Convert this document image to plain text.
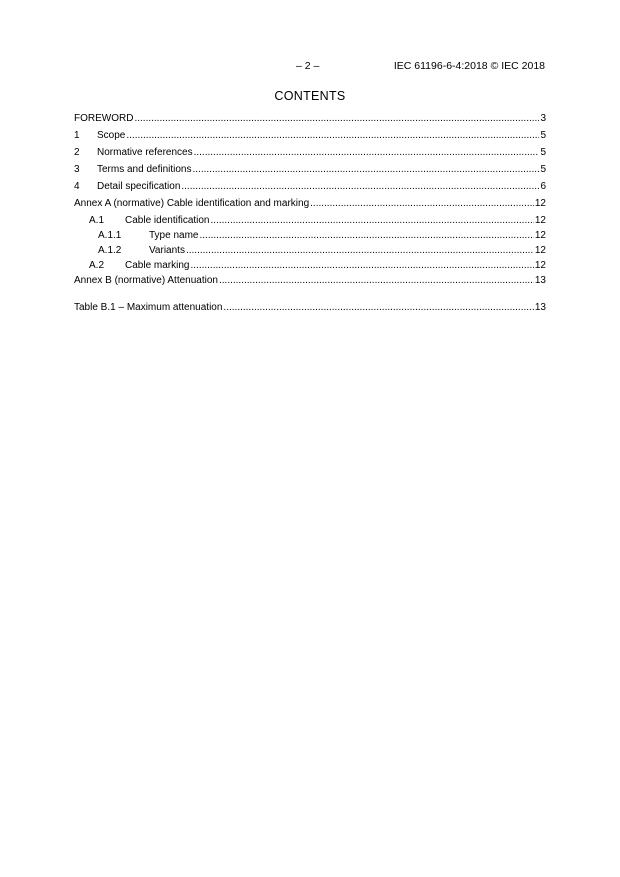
– 2 –	IEC 61196-6-4:2018 © IEC 2018
CONTENTS
FOREWORD .....	3
1	Scope .....	5
2	Normative references .....	5
3	Terms and definitions .....	5
4	Detail specification .....	6
Annex A (normative) Cable identification and marking .....	12
A.1	Cable identification .....	12
A.1.1	Type name .....	12
A.1.2	Variants .....	12
A.2	Cable marking .....	12
Annex B (normative) Attenuation .....	13
Table B.1 – Maximum attenuation .....	13
